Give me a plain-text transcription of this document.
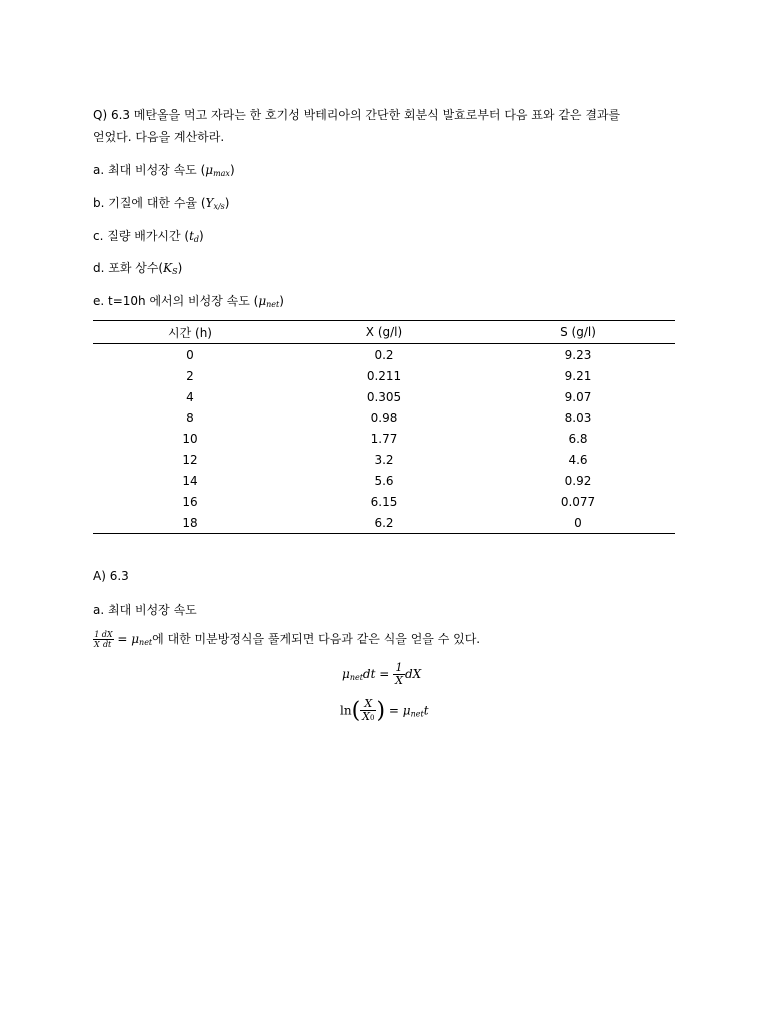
Q) 6.3 메탄올을 먹고 자라는 한 호기성 박테리아의 간단한 회분식 발효로부터 다음 표와 같은 결과를
얻었다. 다음을 계산하라.
a. 최대 비성장 속도 $(\mu_{max})$
b. 기질에 대한 수율 $(Y_{x/s})$
c. 질량 배가시간 $(t_d)$
d. 포화 상수$(K_S)$
e. t=10h 에서의 비성장 속도 $(\mu_{net})$
시간 (h)	X (g/l)	S (g/l)
0	0.2	9.23
2	0.211	9.21
4	0.305	9.07
8	0.98	8.03
10	1.77	6.8
12	3.2	4.6
14	5.6	0.92
16	6.15	0.077
18	6.2	0
A) 6.3
a. 최대 비성장 속도
$\frac{1}{X} \frac{dX}{dt} = \mu_{net}$에 대한 미분방정식을 풀게되면 다음과 같은 식을 얻을 수 있다.
$\mu_{net}dt = \frac{1}{X}$ dX
$\ln( \frac{X}{X0}$ ) = $\mu_{net}t$
